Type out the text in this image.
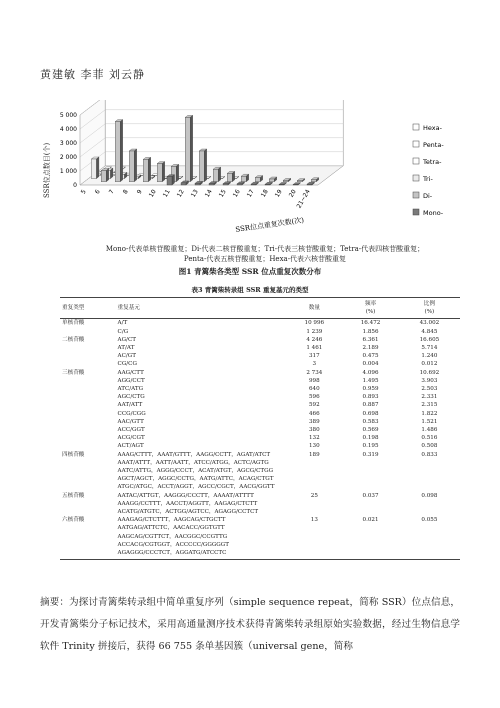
黄建敏 李菲 刘云静
5 000
4 000
3 000
2 000
1 000
0
5 6 7 8 9 10 11 12 13 14 15 16 17 18 19 20
21~24
SSR位点重复次数(次)
Hexa-
Penta-
Tetra-
Tri-
Di-
Mono-
SSR位点数目(个)
Mono-代表单核苷酸重复；Di-代表二核苷酸重复；Tri-代表三核苷酸重复；Tetra-代表四核苷酸重复；
Penta-代表五核苷酸重复；Hexa-代表六核苷酸重复
图1 青篱柴各类型 SSR 位点重复次数分布
表3 青篱柴转录组 SSR 重复基元的类型
重复类型	重复基元	数量	频率
(%)	比例
(%)
单核苷酸	A/T	10 996	16.472	43.002
	C/G	1 239	1.856	4.845
二核苷酸	AG/CT	4 246	6.361	16.605
	AT/AT	1 461	2.189	5.714
	AC/GT	317	0.475	1.240
	CG/CG	3	0.004	0.012
三核苷酸	AAG/CTT	2 734	4.096	10.692
	AGG/CCT	998	1.495	3.903
	ATC/ATG	640	0.959	2.503
	AGC/CTG	596	0.893	2.331
	AAT/ATT	592	0.887	2.315
	CCG/CGG	466	0.698	1.822
	AAC/GTT	389	0.583	1.521
	ACC/GGT	380	0.569	1.486
	ACG/CGT	132	0.198	0.516
	ACT/AGT	130	0.195	0.508
四核苷酸	AAAG/CTTT，AAAT/GTTT，AAGG/CCTT，AGAT/ATCT
AAAT/ATTT，AATT/AATT，ATCC/ATGG，ACTC/AGTG
AATC/ATTG，AGGG/CCCT，ACAT/ATGT，AGCG/CTGG
AGCT/AGCT，AGGC/CCTG，AATG/ATTC，ACAG/CTGT
ATGC/ATGC，ACCT/AGGT，AGCC/CGCT，AACG/GGTT	189	0.319	0.833
五核苷酸	AATAC/ATTGT，AAGGG/CCCTT，AAAAT/ATTTT
AAAGG/CCTTT，AACCT/AGGTT，AAGAG/CTCTT
ACATG/ATGTC，ACTGG/AGTCC，AGAGG/CCTCT	25	0.037	0.098
六核苷酸	AAAGAG/CTCTTT，AAGCAG/CTGCTT
AATGAG/ATTCTC，AACACC/GGTGTT
AAGCAG/CGTTCT，AACGGC/CCGTTG
ACCACG/CGTGGT，ACCCCC/GGGGGT
AGAGGG/CCCTCT，AGGATG/ATCCTC	13	0.021	0.055
摘要：为探讨青篱柴转录组中简单重复序列（simple sequence repeat，简称 SSR）位点信息，开发青篱柴分子标记技术，采用高通量测序技术获得青篱柴转录组原始实验数据，经过生物信息学软件 Trinity 拼接后，获得 66 755 条单基因簇（universal gene，简称
